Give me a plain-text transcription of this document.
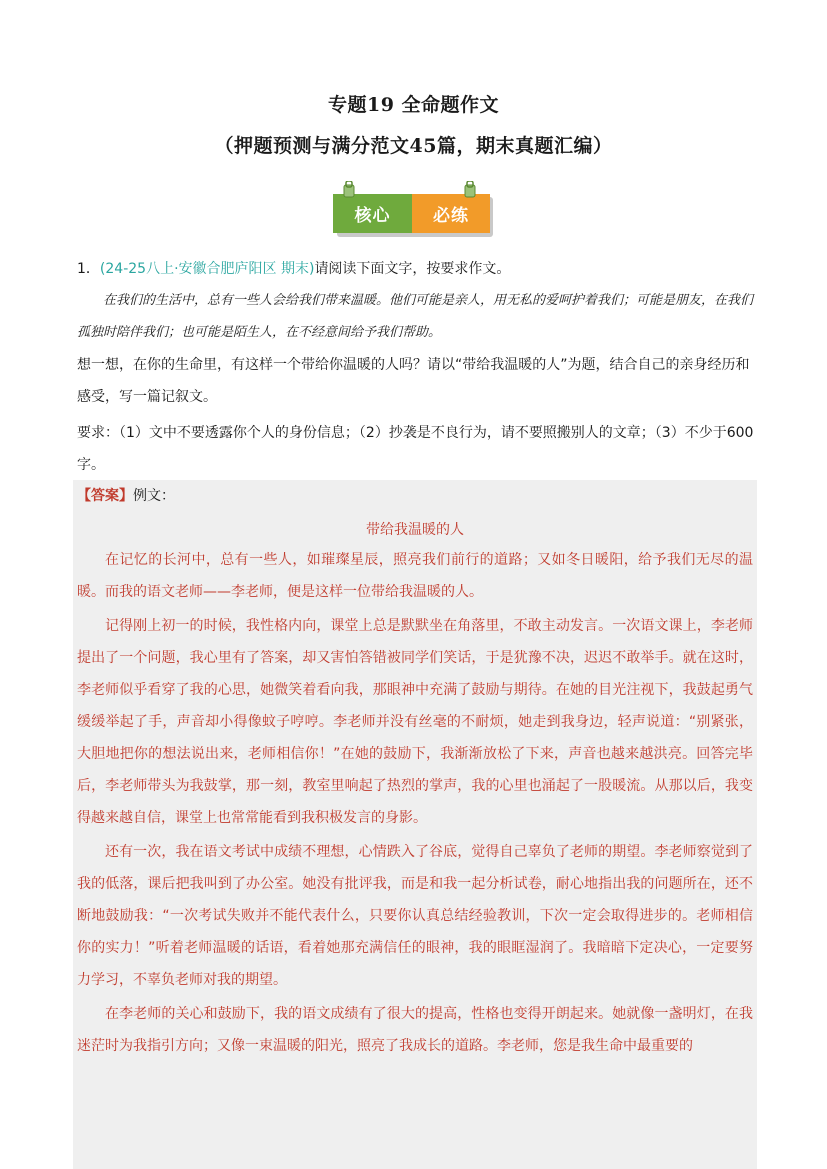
专题19 全命题作文
（押题预测与满分范文45篇，期末真题汇编）
核心	必练
1．(24-25八上·安徽合肥庐阳区 期末)请阅读下面文字，按要求作文。
在我们的生活中，总有一些人会给我们带来温暖。他们可能是亲人，用无私的爱呵护着我们；可能是朋友，在我们孤独时陪伴我们；也可能是陌生人，在不经意间给予我们帮助。
想一想，在你的生命里，有这样一个带给你温暖的人吗？请以“带给我温暖的人”为题，结合自己的亲身经历和感受，写一篇记叙文。
要求：（1）文中不要透露你个人的身份信息；（2）抄袭是不良行为，请不要照搬别人的文章；（3）不少于600字。
【答案】例文：
带给我温暖的人

在记忆的长河中，总有一些人，如璀璨星辰，照亮我们前行的道路；又如冬日暖阳，给予我们无尽的温暖。而我的语文老师——李老师，便是这样一位带给我温暖的人。

记得刚上初一的时候，我性格内向，课堂上总是默默坐在角落里，不敢主动发言。一次语文课上，李老师提出了一个问题，我心里有了答案，却又害怕答错被同学们笑话，于是犹豫不决，迟迟不敢举手。就在这时，李老师似乎看穿了我的心思，她微笑着看向我，那眼神中充满了鼓励与期待。在她的目光注视下，我鼓起勇气缓缓举起了手，声音却小得像蚊子哼哼。李老师并没有丝毫的不耐烦，她走到我身边，轻声说道：“别紧张，大胆地把你的想法说出来，老师相信你！”在她的鼓励下，我渐渐放松了下来，声音也越来越洪亮。回答完毕后，李老师带头为我鼓掌，那一刻，教室里响起了热烈的掌声，我的心里也涌起了一股暖流。从那以后，我变得越来越自信，课堂上也常常能看到我积极发言的身影。

还有一次，我在语文考试中成绩不理想，心情跌入了谷底，觉得自己辜负了老师的期望。李老师察觉到了我的低落，课后把我叫到了办公室。她没有批评我，而是和我一起分析试卷，耐心地指出我的问题所在，还不断地鼓励我：“一次考试失败并不能代表什么，只要你认真总结经验教训，下次一定会取得进步的。老师相信你的实力！”听着老师温暖的话语，看着她那充满信任的眼神，我的眼眶湿润了。我暗暗下定决心，一定要努力学习，不辜负老师对我的期望。

在李老师的关心和鼓励下，我的语文成绩有了很大的提高，性格也变得开朗起来。她就像一盏明灯，在我迷茫时为我指引方向；又像一束温暖的阳光，照亮了我成长的道路。李老师，您是我生命中最重要的
